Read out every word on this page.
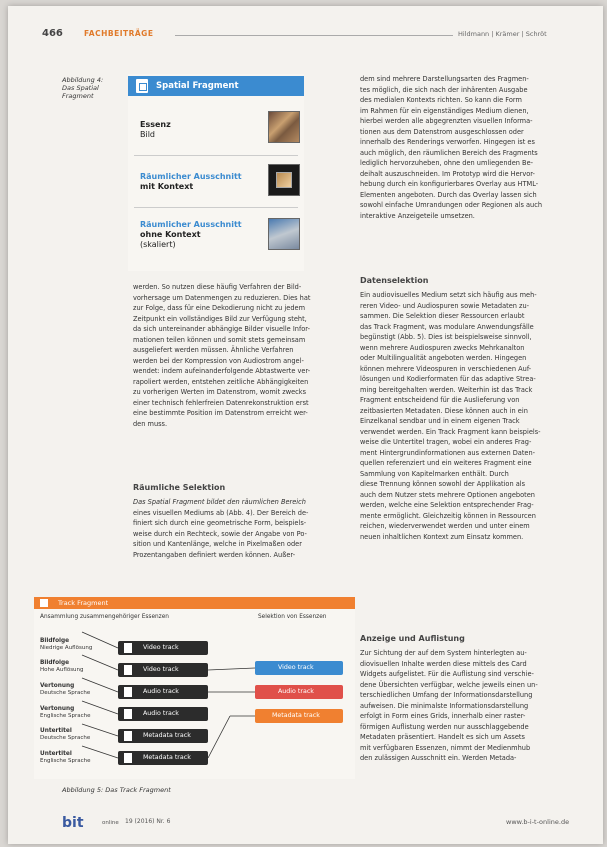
466	FACHBEITRÄGE	Hildmann | Krämer | Schröt
Abbildung 4:
Das Spatial
Fragment
Spatial Fragment
Essenz
Bild
Räumlicher Ausschnitt
mit Kontext
Räumlicher Ausschnitt
ohne Kontext
(skaliert)

werden. So nutzen diese häufig Verfahren der Bild-

vorhersage um Datenmengen zu reduzieren. Dies hat

zur Folge, dass für eine Dekodierung nicht zu jedem

Zeitpunkt ein vollständiges Bild zur Verfügung steht,

da sich untereinander abhängige Bilder visuelle Infor-

mationen teilen können und somit stets gemeinsam

ausgeliefert werden müssen. Ähnliche Verfahren

werden bei der Kompression von Audiostrom angel-

wendet: indem aufeinanderfolgende Abtastwerte ver-

rapoliert werden, entstehen zeitliche Abhängigkeiten

zu vorherigen Werten im Datenstrom, womit zwecks

einer technisch fehlerfreien Datenrekonstruktion erst

eine bestimmte Position im Datenstrom erreicht wer-

den muss.

Räumliche Selektion

Das Spatial Fragment bildet den räumlichen Bereich

eines visuellen Mediums ab (Abb. 4). Der Bereich de-

finiert sich durch eine geometrische Form, beispiels-

weise durch ein Rechteck, sowie der Angabe von Po-

sition und Kantenlänge, welche in Pixelmaßen oder

Prozentangaben definiert werden können. Außer-

dem sind mehrere Darstellungsarten des Fragmen-

tes möglich, die sich nach der inhärenten Ausgabe

des medialen Kontexts richten. So kann die Form

im Rahmen für ein eigenständiges Medium dienen,

hierbei werden alle abgegrenzten visuellen Informa-

tionen aus dem Datenstrom ausgeschlossen oder

innerhalb des Renderings verworfen. Hingegen ist es

auch möglich, den räumlichen Bereich des Fragments

lediglich hervorzuheben, ohne den umliegenden Be-

deihalt auszuschneiden. Im Prototyp wird die Hervor-

hebung durch ein konfigurierbares Overlay aus HTML-

Elementen angeboten. Durch das Overlay lassen sich

sowohl einfache Umrandungen oder Regionen als auch

interaktive Anzeigeteile umsetzen.

Datenselektion

Ein audiovisuelles Medium setzt sich häufig aus meh-

reren Video- und Audiospuren sowie Metadaten zu-

sammen. Die Selektion dieser Ressourcen erlaubt

das Track Fragment, was modulare Anwendungsfälle

begünstigt (Abb. 5). Dies ist beispielsweise sinnvoll,

wenn mehrere Audiospuren zwecks Mehrkanalton

oder Multilingualität angeboten werden. Hingegen

können mehrere Videospuren in verschiedenen Auf-

lösungen und Kodierformaten für das adaptive Strea-

ming bereitgehalten werden. Weiterhin ist das Track

Fragment entscheidend für die Auslieferung von

zeitbasierten Metadaten. Diese können auch in ein

Einzelkanal sendbar und in einem eigenen Track

verwendet werden. Ein Track Fragment kann beispiels-

weise die Untertitel tragen, wobei ein anderes Frag-

ment Hintergrundinformationen aus externen Daten-

quellen referenziert und ein weiteres Fragment eine

Sammlung von Kapitelmarken enthält. Durch

diese Trennung können sowohl der Applikation als

auch dem Nutzer stets mehrere Optionen angeboten

werden, welche eine Selektion entsprechender Frag-

mente ermöglicht. Gleichzeitig können in Ressourcen

reichen, wiederverwendet werden und unter einem

neuen inhaltlichen Kontext zum Einsatz kommen.

Anzeige und Auflistung

Zur Sichtung der auf dem System hinterlegten au-

diovisuellen Inhalte werden diese mittels des Card

Widgets aufgelistet. Für die Auflistung sind verschie-

dene Übersichten verfügbar, welche jeweils einen un-

terschiedlichen Umfang der Informationsdarstellung

aufweisen. Die minimalste Informationsdarstellung

erfolgt in Form eines Grids, innerhalb einer raster-

förmigen Auflistung werden nur ausschlaggebende

Metadaten präsentiert. Handelt es sich um Assets

mit verfügbaren Essenzen, nimmt der Medienmhub

den zulässigen Ausschnitt ein. Werden Metada-

Track Fragment
Ansammlung zusammengehöriger Essenzen	Selektion von Essenzen
Bildfolge
Niedrige Auflösung
Bildfolge
Hohe Auflösung
Vertonung
Deutsche Sprache
Vertonung
Englische Sprache
Untertitel
Deutsche Sprache
Untertitel
Englische Sprache
Video track
Video track
Audio track
Audio track
Metadata track
Metadata track
Video track
Audio track
Metadata track
Abbildung 5: Das Track Fragment
bit	online 19 (2016) Nr. 6	www.b-i-t-online.de
